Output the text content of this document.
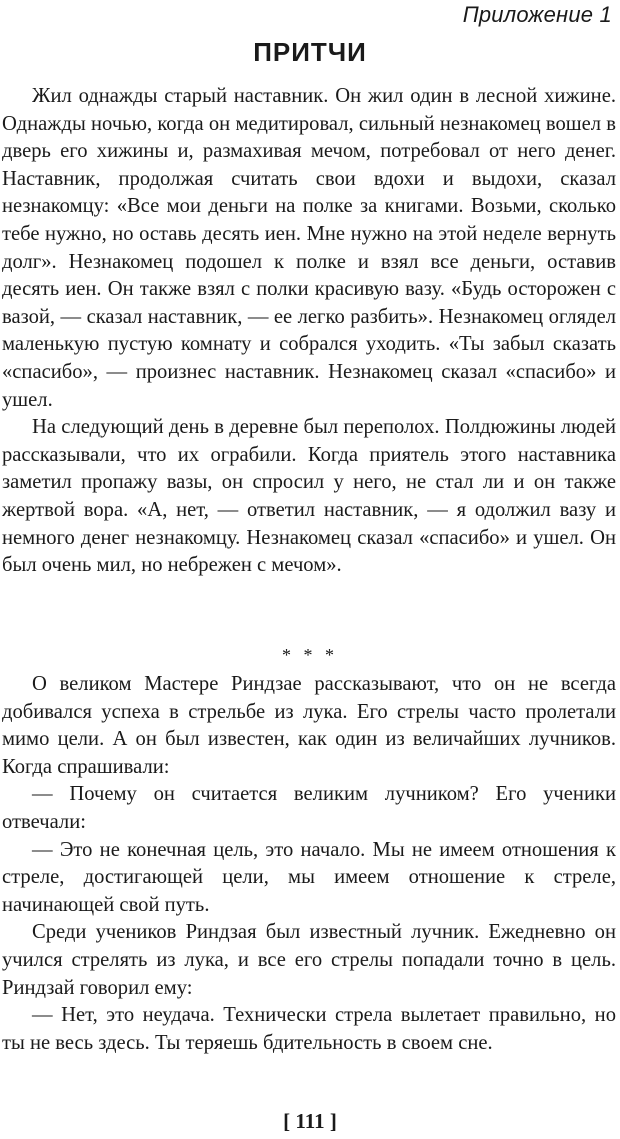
Приложение 1
ПРИТЧИ

Жил однажды старый наставник. Он жил один в лесной хижине. Однажды ночью, когда он медитировал, сильный незнакомец вошел в дверь его хижины и, размахивая мечом, потребовал от него денег. Наставник, продолжая считать свои вдохи и выдохи, сказал незнакомцу: «Все мои деньги на полке за книгами. Возьми, сколько тебе нужно, но оставь десять иен. Мне нужно на этой неделе вернуть долг». Незнакомец подошел к полке и взял все деньги, оставив десять иен. Он также взял с полки красивую вазу. «Будь осторожен с вазой, — сказал наставник, — ее легко разбить». Незнакомец оглядел маленькую пустую комнату и собрался уходить. «Ты забыл сказать «спасибо», — произнес наставник. Незнакомец сказал «спасибо» и ушел.

На следующий день в деревне был переполох. Полдюжины людей рассказывали, что их ограбили. Когда приятель этого наставника заметил пропажу вазы, он спросил у него, не стал ли и он также жертвой вора. «А, нет, — ответил наставник, — я одолжил вазу и немного денег незнакомцу. Незнакомец сказал «спасибо» и ушел. Он был очень мил, но небрежен с мечом».

* * *

О великом Мастере Риндзае рассказывают, что он не всегда добивался успеха в стрельбе из лука. Его стрелы часто пролетали мимо цели. А он был известен, как один из величайших лучников. Когда спрашивали:

— Почему он считается великим лучником? Его ученики отвечали:

— Это не конечная цель, это начало. Мы не имеем отношения к стреле, достигающей цели, мы имеем отношение к стреле, начинающей свой путь.

Среди учеников Риндзая был известный лучник. Ежедневно он учился стрелять из лука, и все его стрелы попадали точно в цель. Риндзай говорил ему:

— Нет, это неудача. Технически стрела вылетает правильно, но ты не весь здесь. Ты теряешь бдительность в своем сне.

[ 111 ]
